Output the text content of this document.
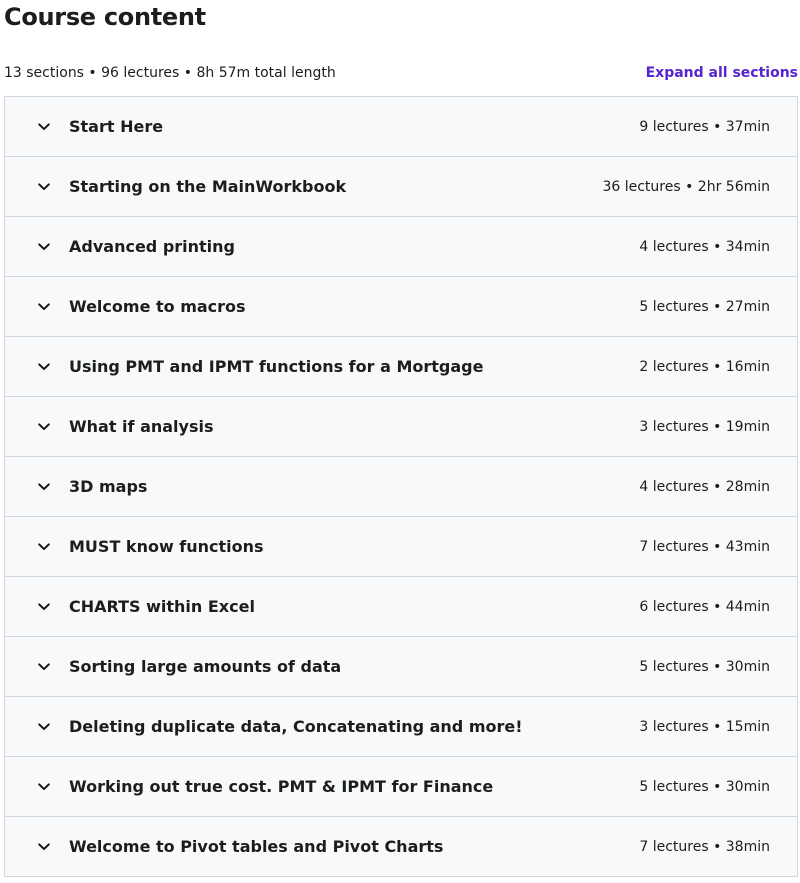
Course content
13 sections • 96 lectures • 8h 57m total length	Expand all sections
Start Here	9 lectures • 37min
Starting on the MainWorkbook	36 lectures • 2hr 56min
Advanced printing	4 lectures • 34min
Welcome to macros	5 lectures • 27min
Using PMT and IPMT functions for a Mortgage	2 lectures • 16min
What if analysis	3 lectures • 19min
3D maps	4 lectures • 28min
MUST know functions	7 lectures • 43min
CHARTS within Excel	6 lectures • 44min
Sorting large amounts of data	5 lectures • 30min
Deleting duplicate data, Concatenating and more!	3 lectures • 15min
Working out true cost. PMT & IPMT for Finance	5 lectures • 30min
Welcome to Pivot tables and Pivot Charts	7 lectures • 38min
